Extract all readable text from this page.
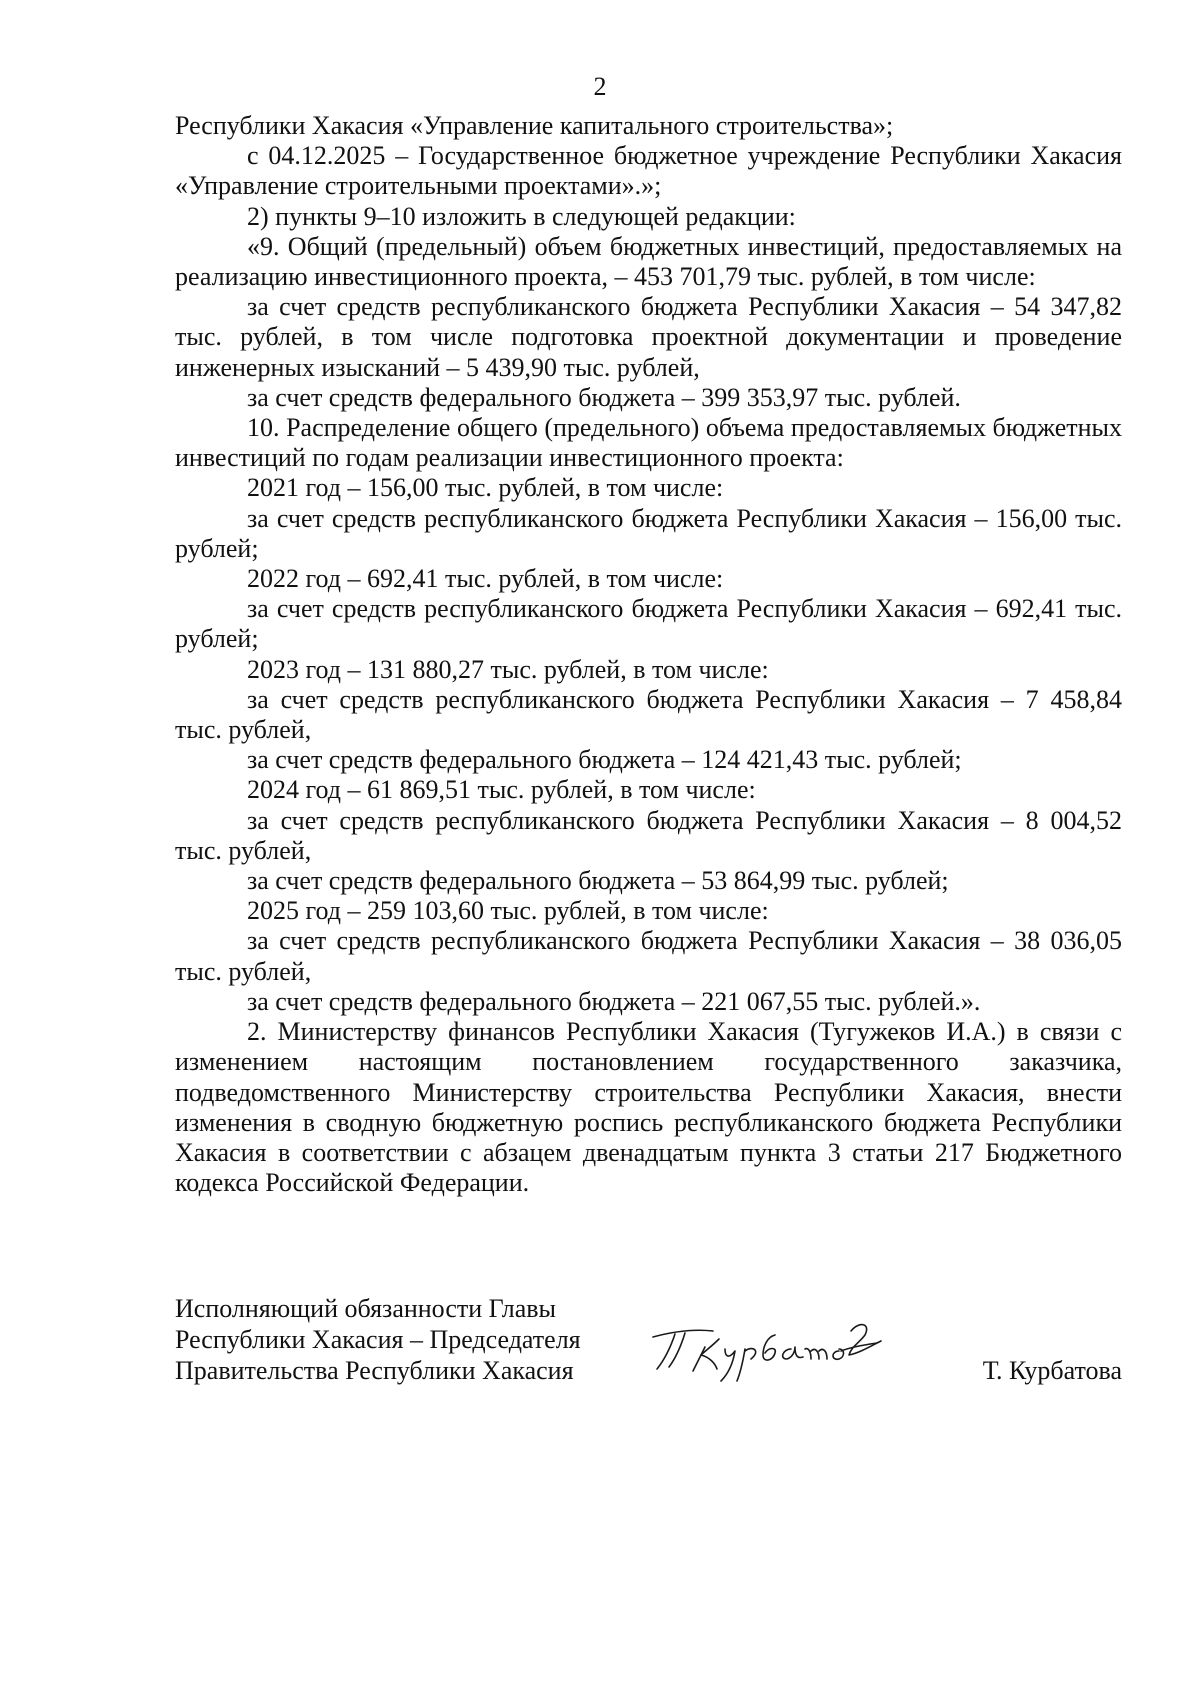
2

Республики Хакасия «Управление капитального строительства»;

с 04.12.2025 – Государственное бюджетное учреждение Республики Хакасия «Управление строительными проектами».»;

2) пункты 9–10 изложить в следующей редакции:

«9. Общий (предельный) объем бюджетных инвестиций, предоставляемых на реализацию инвестиционного проекта, – 453 701,79 тыс. рублей, в том числе:

за счет средств республиканского бюджета Республики Хакасия – 54 347,82 тыс. рублей, в том числе подготовка проектной документации и проведение инженерных изысканий – 5 439,90 тыс. рублей,

за счет средств федерального бюджета – 399 353,97 тыс. рублей.

10. Распределение общего (предельного) объема предоставляемых бюджетных инвестиций по годам реализации инвестиционного проекта:

2021 год – 156,00 тыс. рублей, в том числе:

за счет средств республиканского бюджета Республики Хакасия – 156,00 тыс. рублей;

2022 год – 692,41 тыс. рублей, в том числе:

за счет средств республиканского бюджета Республики Хакасия – 692,41 тыс. рублей;

2023 год – 131 880,27 тыс. рублей, в том числе:

за счет средств республиканского бюджета Республики Хакасия – 7 458,84 тыс. рублей,

за счет средств федерального бюджета – 124 421,43 тыс. рублей;

2024 год – 61 869,51 тыс. рублей, в том числе:

за счет средств республиканского бюджета Республики Хакасия – 8 004,52 тыс. рублей,

за счет средств федерального бюджета – 53 864,99 тыс. рублей;

2025 год – 259 103,60 тыс. рублей, в том числе:

за счет средств республиканского бюджета Республики Хакасия – 38 036,05 тыс. рублей,

за счет средств федерального бюджета – 221 067,55 тыс. рублей.».

2. Министерству финансов Республики Хакасия (Тугужеков И.А.) в связи с изменением настоящим постановлением государственного заказчика, подведомственного Министерству строительства Республики Хакасия, внести изменения в сводную бюджетную роспись республиканского бюджета Республики Хакасия в соответствии с абзацем двенадцатым пункта 3 статьи 217 Бюджетного кодекса Российской Федерации.

Исполняющий обязанности Главы

Республики Хакасия – Председателя

Правительства Республики Хакасия	Т. Курбатова
